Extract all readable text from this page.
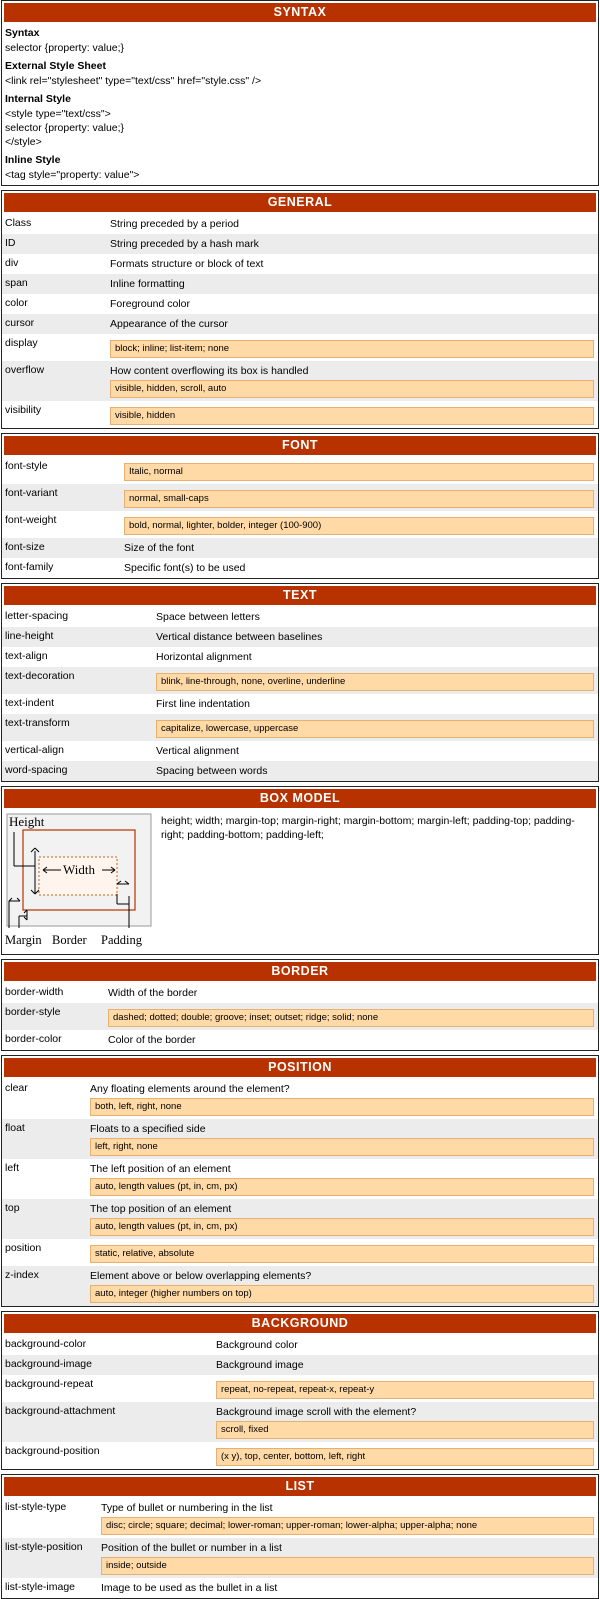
SYNTAX
Syntax
selector {property: value;}
External Style Sheet
<link rel="stylesheet" type="text/css" href="style.css" />
Internal Style
<style type="text/css">
selector {property: value;}
</style>
Inline Style
<tag style="property: value">
GENERAL
Class	String preceded by a period
ID	String preceded by a hash mark
div	Formats structure or block of text
span	Inline formatting
color	Foreground color
cursor	Appearance of the cursor
display	block; inline; list-item; none
overflow	How content overflowing its box is handled
visible, hidden, scroll, auto
visibility	visible, hidden
FONT
font-style	Italic, normal
font-variant	normal, small-caps
font-weight	bold, normal, lighter, bolder, integer (100-900)
font-size	Size of the font
font-family	Specific font(s) to be used
TEXT
letter-spacing	Space between letters
line-height	Vertical distance between baselines
text-align	Horizontal alignment
text-decoration	blink, line-through, none, overline, underline
text-indent	First line indentation
text-transform	capitalize, lowercase, uppercase
vertical-align	Vertical alignment
word-spacing	Spacing between words
BOX MODEL
Height
Width
Margin Border Padding
height; width; margin-top; margin-right; margin-bottom; margin-left; padding-top; padding-right; padding-bottom; padding-left;
BORDER
border-width	Width of the border
border-style	dashed; dotted; double; groove; inset; outset; ridge; solid; none
border-color	Color of the border
POSITION
clear	Any floating elements around the element?
both, left, right, none
float	Floats to a specified side
left, right, none
left	The left position of an element
auto, length values (pt, in, cm, px)
top	The top position of an element
auto, length values (pt, in, cm, px)
position	static, relative, absolute
z-index	Element above or below overlapping elements?
auto, integer (higher numbers on top)
BACKGROUND
background-color	Background color
background-image	Background image
background-repeat	repeat, no-repeat, repeat-x, repeat-y
background-attachment	Background image scroll with the element?
scroll, fixed
background-position	(x y), top, center, bottom, left, right
LIST
list-style-type	Type of bullet or numbering in the list
disc; circle; square; decimal; lower-roman; upper-roman; lower-alpha; upper-alpha; none
list-style-position	Position of the bullet or number in a list
inside; outside
list-style-image	Image to be used as the bullet in a list
